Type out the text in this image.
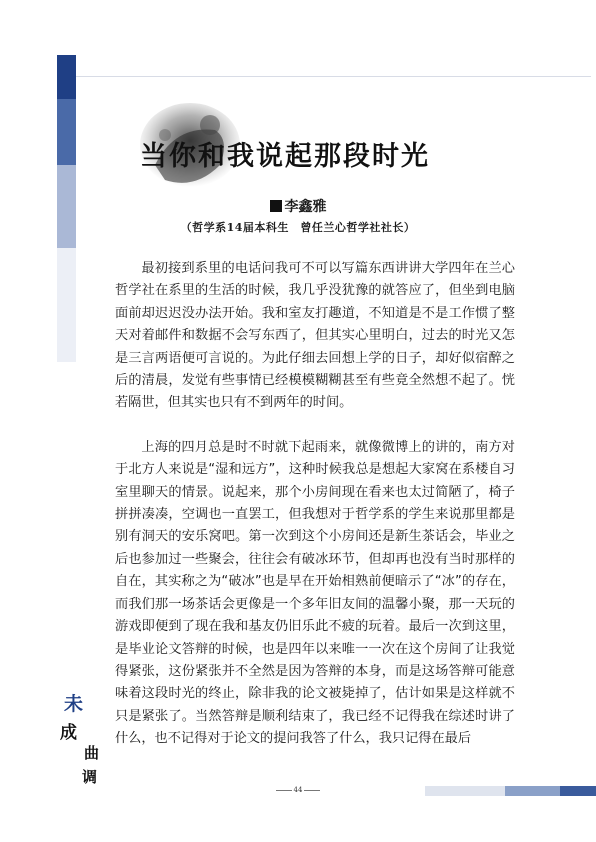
当你和我说起那段时光
李鑫雅
（哲学系14届本科生　曾任兰心哲学社社长）

最初接到系里的电话问我可不可以写篇东西讲讲大学四年在兰心哲学社在系里的生活的时候，我几乎没犹豫的就答应了，但坐到电脑面前却迟迟没办法开始。我和室友打趣道，不知道是不是工作惯了整天对着邮件和数据不会写东西了，但其实心里明白，过去的时光又怎是三言两语便可言说的。为此仔细去回想上学的日子，却好似宿醉之后的清晨，发觉有些事情已经模模糊糊甚至有些竟全然想不起了。恍若隔世，但其实也只有不到两年的时间。

上海的四月总是时不时就下起雨来，就像微博上的讲的，南方对于北方人来说是“湿和远方”，这种时候我总是想起大家窝在系楼自习室里聊天的情景。说起来，那个小房间现在看来也太过简陋了，椅子拼拼凑凑，空调也一直罢工，但我想对于哲学系的学生来说那里都是别有洞天的安乐窝吧。第一次到这个小房间还是新生茶话会，毕业之后也参加过一些聚会，往往会有破冰环节，但却再也没有当时那样的自在，其实称之为“破冰”也是早在开始相熟前便暗示了“冰”的存在，而我们那一场茶话会更像是一个多年旧友间的温馨小聚，那一天玩的游戏即便到了现在我和基友仍旧乐此不疲的玩着。最后一次到这里，是毕业论文答辩的时候，也是四年以来唯一一次在这个房间了让我觉得紧张，这份紧张并不全然是因为答辩的本身，而是这场答辩可能意味着这段时光的终止，除非我的论文被毙掉了，估计如果是这样就不只是紧张了。当然答辩是顺利结束了，我已经不记得我在综述时讲了什么，也不记得对于论文的提问我答了什么，我只记得在最后

未
成
曲
调
44
